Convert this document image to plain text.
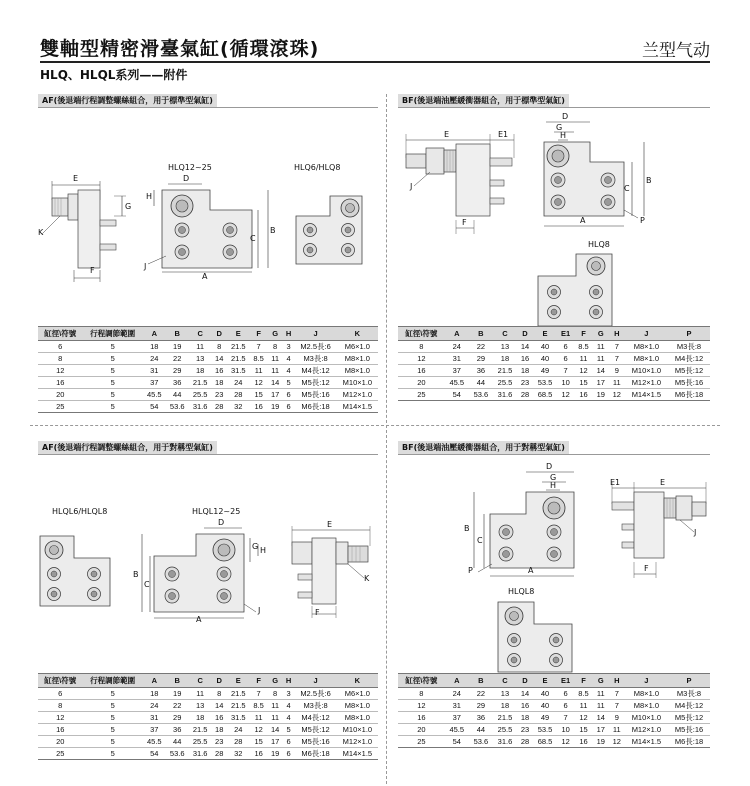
雙軸型精密滑臺氣缸(循環滾珠)	兰型气动
HLQ、HLQL系列——附件
AF(後退端行程調整螺絲組合，用于標準型氣缸)	BF(後退端油壓緩衝器組合，用于標準型氣缸)
AF(後退端行程調整螺絲組合，用于對稱型氣缸)	BF(後退端油壓緩衝器組合，用于對稱型氣缸)
E
K
G
F
HLQ12~25
D
H
C
B
A
J
HLQ6/HLQ8
E	E1
J
F
D
G
H
C
B
A	P
HLQ8
HLQL6/HLQL8	HLQL12~25
D
B
C
A
G H
J
E
K
F
D
G
H
B
C
A
P
E1	E
J
F
HLQL8
缸徑\符號	行程調節範圍	A	B	C	D	E	F	G	H	J	K
6	5	18	19	11	8	21.5	7	8	3	M2.5長:6	M6×1.0
8	5	24	22	13	14	21.5	8.5	11	4	M3長:8	M8×1.0
12	5	31	29	18	16	31.5	11	11	4	M4長:12	M8×1.0
16	5	37	36	21.5	18	24	12	14	5	M5長:12	M10×1.0
20	5	45.5	44	25.5	23	28	15	17	6	M5長:16	M12×1.0
25	5	54	53.6	31.6	28	32	16	19	6	M6長:18	M14×1.5
缸徑\符號	A	B	C	D	E	E1	F	G	H	J	P
8	24	22	13	14	40	6	8.5	11	7	M8×1.0	M3長:8
12	31	29	18	16	40	6	11	11	7	M8×1.0	M4長:12
16	37	36	21.5	18	49	7	12	14	9	M10×1.0	M5長:12
20	45.5	44	25.5	23	53.5	10	15	17	11	M12×1.0	M5長:16
25	54	53.6	31.6	28	68.5	12	16	19	12	M14×1.5	M6長:18
缸徑\符號	行程調節範圍	A	B	C	D	E	F	G	H	J	K
6	5	18	19	11	8	21.5	7	8	3	M2.5長:6	M6×1.0
8	5	24	22	13	14	21.5	8.5	11	4	M3長:8	M8×1.0
12	5	31	29	18	16	31.5	11	11	4	M4長:12	M8×1.0
16	5	37	36	21.5	18	24	12	14	5	M5長:12	M10×1.0
20	5	45.5	44	25.5	23	28	15	17	6	M5長:16	M12×1.0
25	5	54	53.6	31.6	28	32	16	19	6	M6長:18	M14×1.5
缸徑\符號	A	B	C	D	E	E1	F	G	H	J	P
8	24	22	13	14	40	6	8.5	11	7	M8×1.0	M3長:8
12	31	29	18	16	40	6	11	11	7	M8×1.0	M4長:12
16	37	36	21.5	18	49	7	12	14	9	M10×1.0	M5長:12
20	45.5	44	25.5	23	53.5	10	15	17	11	M12×1.0	M5長:16
25	54	53.6	31.6	28	68.5	12	16	19	12	M14×1.5	M6長:18
